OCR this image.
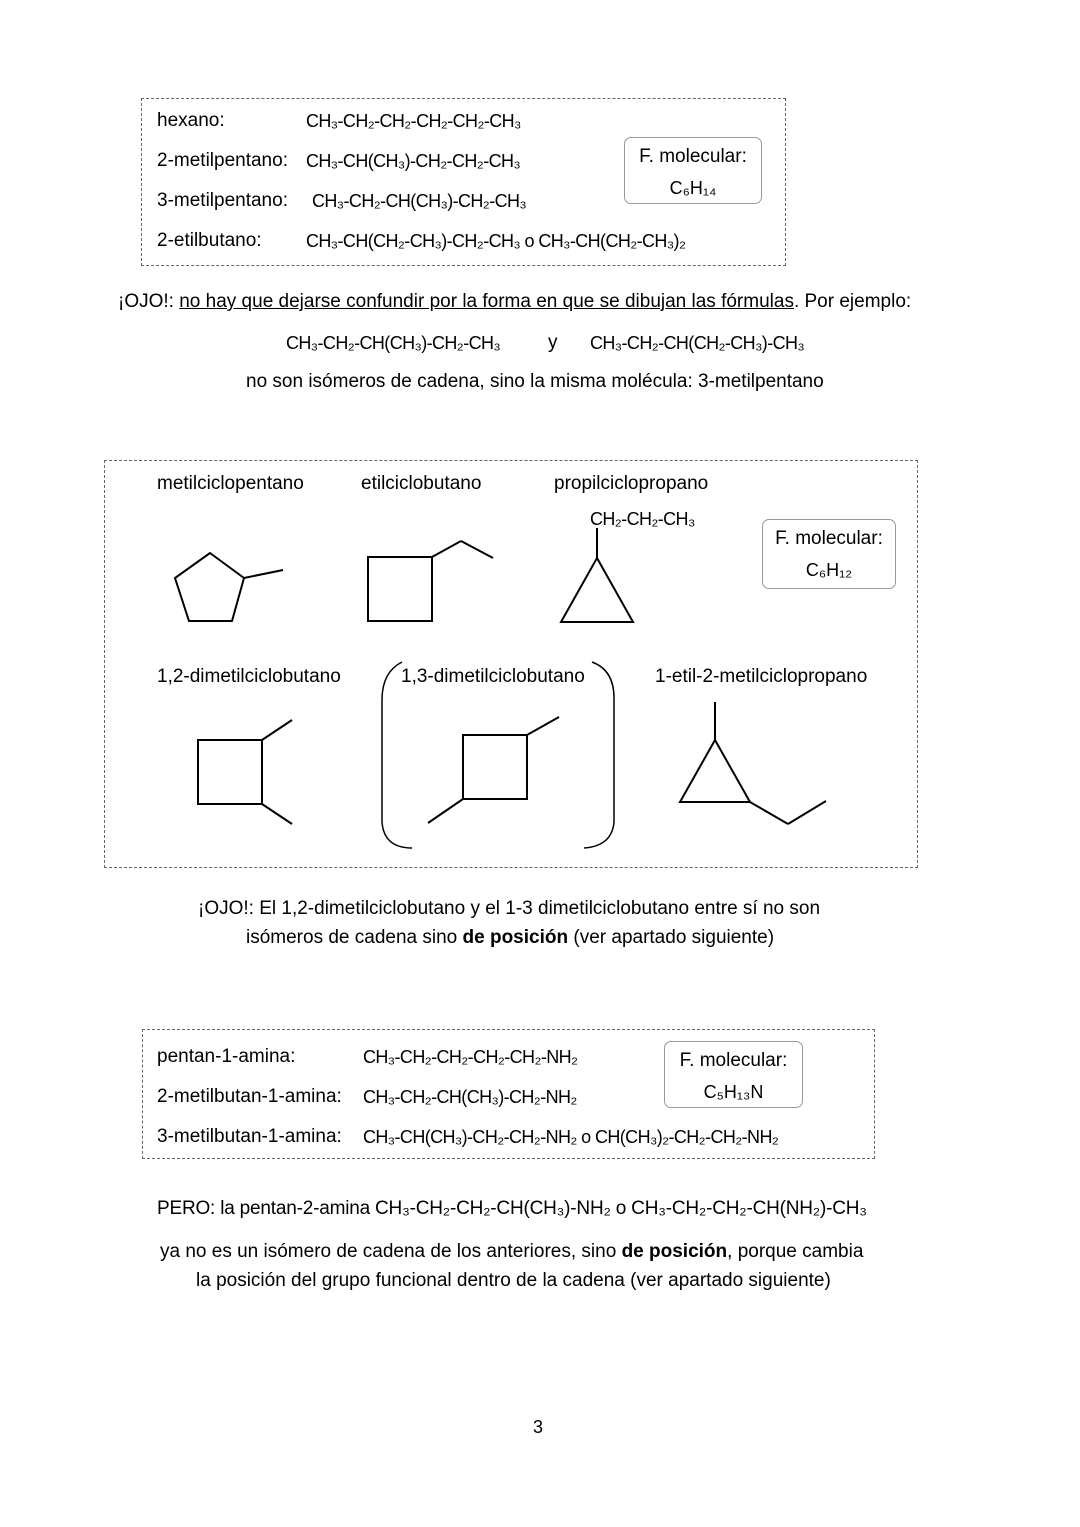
hexano:	CH₃-CH₂-CH₂-CH₂-CH₂-CH₃
2-metilpentano: CH₃-CH(CH₃)-CH₂-CH₂-CH₃
3-metilpentano: CH₃-CH₂-CH(CH₃)-CH₂-CH₃
2-etilbutano: CH₃-CH(CH₂-CH₃)-CH₂-CH₃ o CH₃-CH(CH₂-CH₃)₂
F. molecular:
C₆H₁₄
¡OJO!: no hay que dejarse confundir por la forma en que se dibujan las fórmulas. Por ejemplo:
CH₃-CH₂-CH(CH₃)-CH₂-CH₃	y CH₃-CH₂-CH(CH₂-CH₃)-CH₃
no son isómeros de cadena, sino la misma molécula: 3-metilpentano
metilciclopentano	etilciclobutano	propilciclopropano
CH₂-CH₂-CH₃
F. molecular:
C₆H₁₂
1,2-dimetilciclobutano	1,3-dimetilciclobutano	1-etil-2-metilciclopropano
¡OJO!: El 1,2-dimetilciclobutano y el 1-3 dimetilciclobutano entre sí no son
isómeros de cadena sino de posición (ver apartado siguiente)
pentan-1-amina:	CH₃-CH₂-CH₂-CH₂-CH₂-NH₂
2-metilbutan-1-amina: CH₃-CH₂-CH(CH₃)-CH₂-NH₂
3-metilbutan-1-amina: CH₃-CH(CH₃)-CH₂-CH₂-NH₂ o CH(CH₃)₂-CH₂-CH₂-NH₂
F. molecular:
C₅H₁₃N
PERO: la pentan-2-amina CH₃-CH₂-CH₂-CH(CH₃)-NH₂ o CH₃-CH₂-CH₂-CH(NH₂)-CH₃
ya no es un isómero de cadena de los anteriores, sino de posición, porque cambia
la posición del grupo funcional dentro de la cadena (ver apartado siguiente)
3
